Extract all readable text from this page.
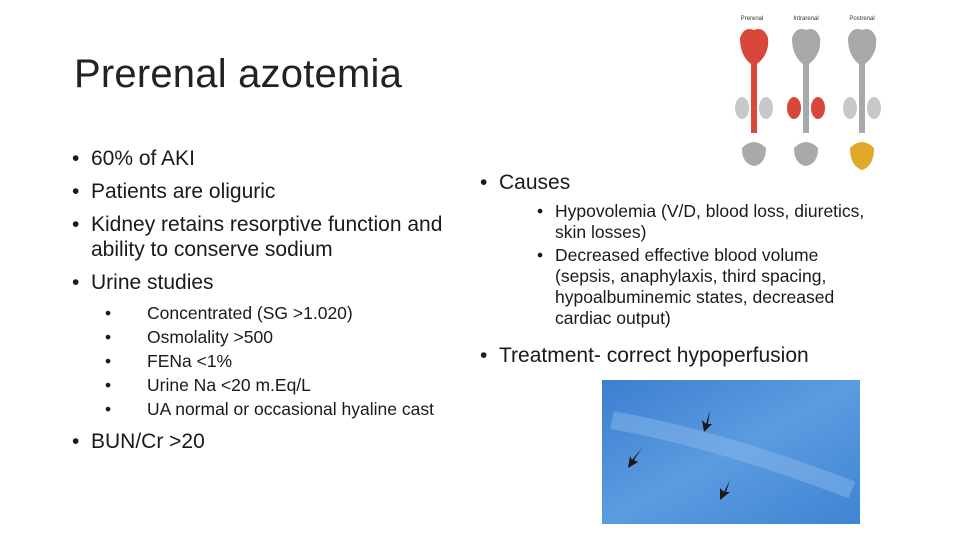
Prerenal azotemia
• 60% of AKI
• Patients are oliguric
• Kidney retains resorptive function and ability to conserve sodium
• Urine studies
• Concentrated (SG >1.020)
• Osmolality >500
• FENa <1%
• Urine Na <20 m.Eq/L
• UA normal or occasional hyaline cast
• BUN/Cr >20
• Causes
• Hypovolemia (V/D, blood loss, diuretics, skin losses)
• Decreased effective blood volume (sepsis, anaphylaxis, third spacing, hypoalbuminemic states, decreased cardiac output)
• Treatment- correct hypoperfusion
Prerenal	Intrarenal	Postrenal
